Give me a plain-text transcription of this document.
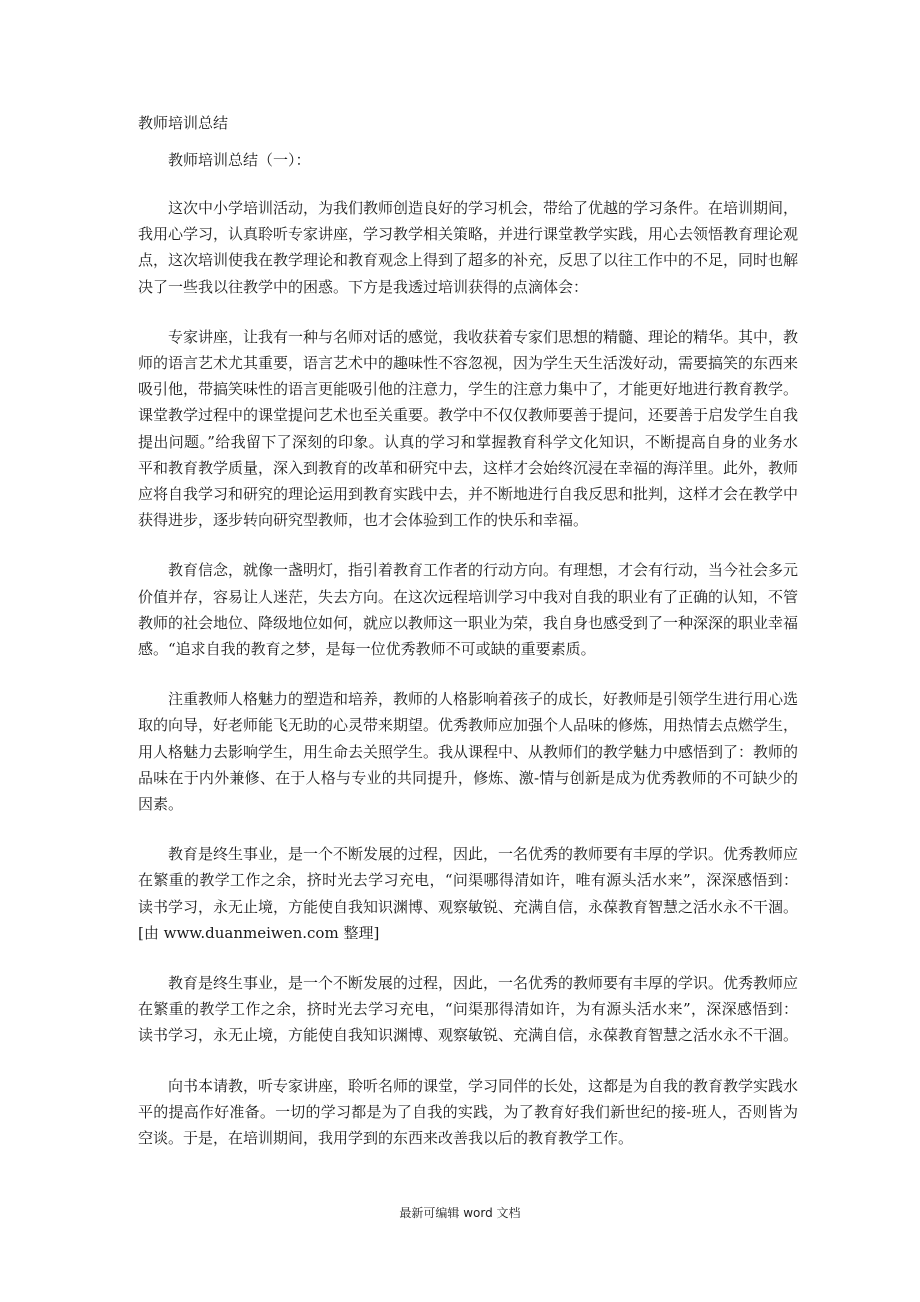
教师培训总结
教师培训总结（一）：

这次中小学培训活动，为我们教师创造良好的学习机会，带给了优越的学习条件。在培训期间，我用心学习，认真聆听专家讲座，学习教学相关策略，并进行课堂教学实践，用心去领悟教育理论观点，这次培训使我在教学理论和教育观念上得到了超多的补充，反思了以往工作中的不足，同时也解决了一些我以往教学中的困惑。下方是我透过培训获得的点滴体会：

专家讲座，让我有一种与名师对话的感觉，我收获着专家们思想的精髓、理论的精华。其中，教师的语言艺术尤其重要，语言艺术中的趣味性不容忽视，因为学生天生活泼好动，需要搞笑的东西来吸引他，带搞笑味性的语言更能吸引他的注意力，学生的注意力集中了，才能更好地进行教育教学。课堂教学过程中的课堂提问艺术也至关重要。教学中不仅仅教师要善于提问，还要善于启发学生自我提出问题。”给我留下了深刻的印象。认真的学习和掌握教育科学文化知识，不断提高自身的业务水平和教育教学质量，深入到教育的改革和研究中去，这样才会始终沉浸在幸福的海洋里。此外，教师应将自我学习和研究的理论运用到教育实践中去，并不断地进行自我反思和批判，这样才会在教学中获得进步，逐步转向研究型教师，也才会体验到工作的快乐和幸福。

教育信念，就像一盏明灯，指引着教育工作者的行动方向。有理想，才会有行动，当今社会多元价值并存，容易让人迷茫，失去方向。在这次远程培训学习中我对自我的职业有了正确的认知，不管教师的社会地位、降级地位如何，就应以教师这一职业为荣，我自身也感受到了一种深深的职业幸福感。“追求自我的教育之梦，是每一位优秀教师不可或缺的重要素质。

注重教师人格魅力的塑造和培养，教师的人格影响着孩子的成长，好教师是引领学生进行用心选取的向导，好老师能飞无助的心灵带来期望。优秀教师应加强个人品味的修炼，用热情去点燃学生，用人格魅力去影响学生，用生命去关照学生。我从课程中、从教师们的教学魅力中感悟到了：教师的品味在于内外兼修、在于人格与专业的共同提升，修炼、激-情与创新是成为优秀教师的不可缺少的因素。

教育是终生事业，是一个不断发展的过程，因此，一名优秀的教师要有丰厚的学识。优秀教师应在繁重的教学工作之余，挤时光去学习充电，“问渠哪得清如许，唯有源头活水来”，深深感悟到：读书学习，永无止境，方能使自我知识渊博、观察敏锐、充满自信，永葆教育智慧之活水永不干涸。[由 www.duanmeiwen.com 整理]

教育是终生事业，是一个不断发展的过程，因此，一名优秀的教师要有丰厚的学识。优秀教师应在繁重的教学工作之余，挤时光去学习充电，“问渠那得清如许，为有源头活水来”，深深感悟到：读书学习，永无止境，方能使自我知识渊博、观察敏锐、充满自信，永葆教育智慧之活水永不干涸。

向书本请教，听专家讲座，聆听名师的课堂，学习同伴的长处，这都是为自我的教育教学实践水平的提高作好准备。一切的学习都是为了自我的实践，为了教育好我们新世纪的接-班人，否则皆为空谈。于是，在培训期间，我用学到的东西来改善我以后的教育教学工作。

最新可编辑 word 文档
